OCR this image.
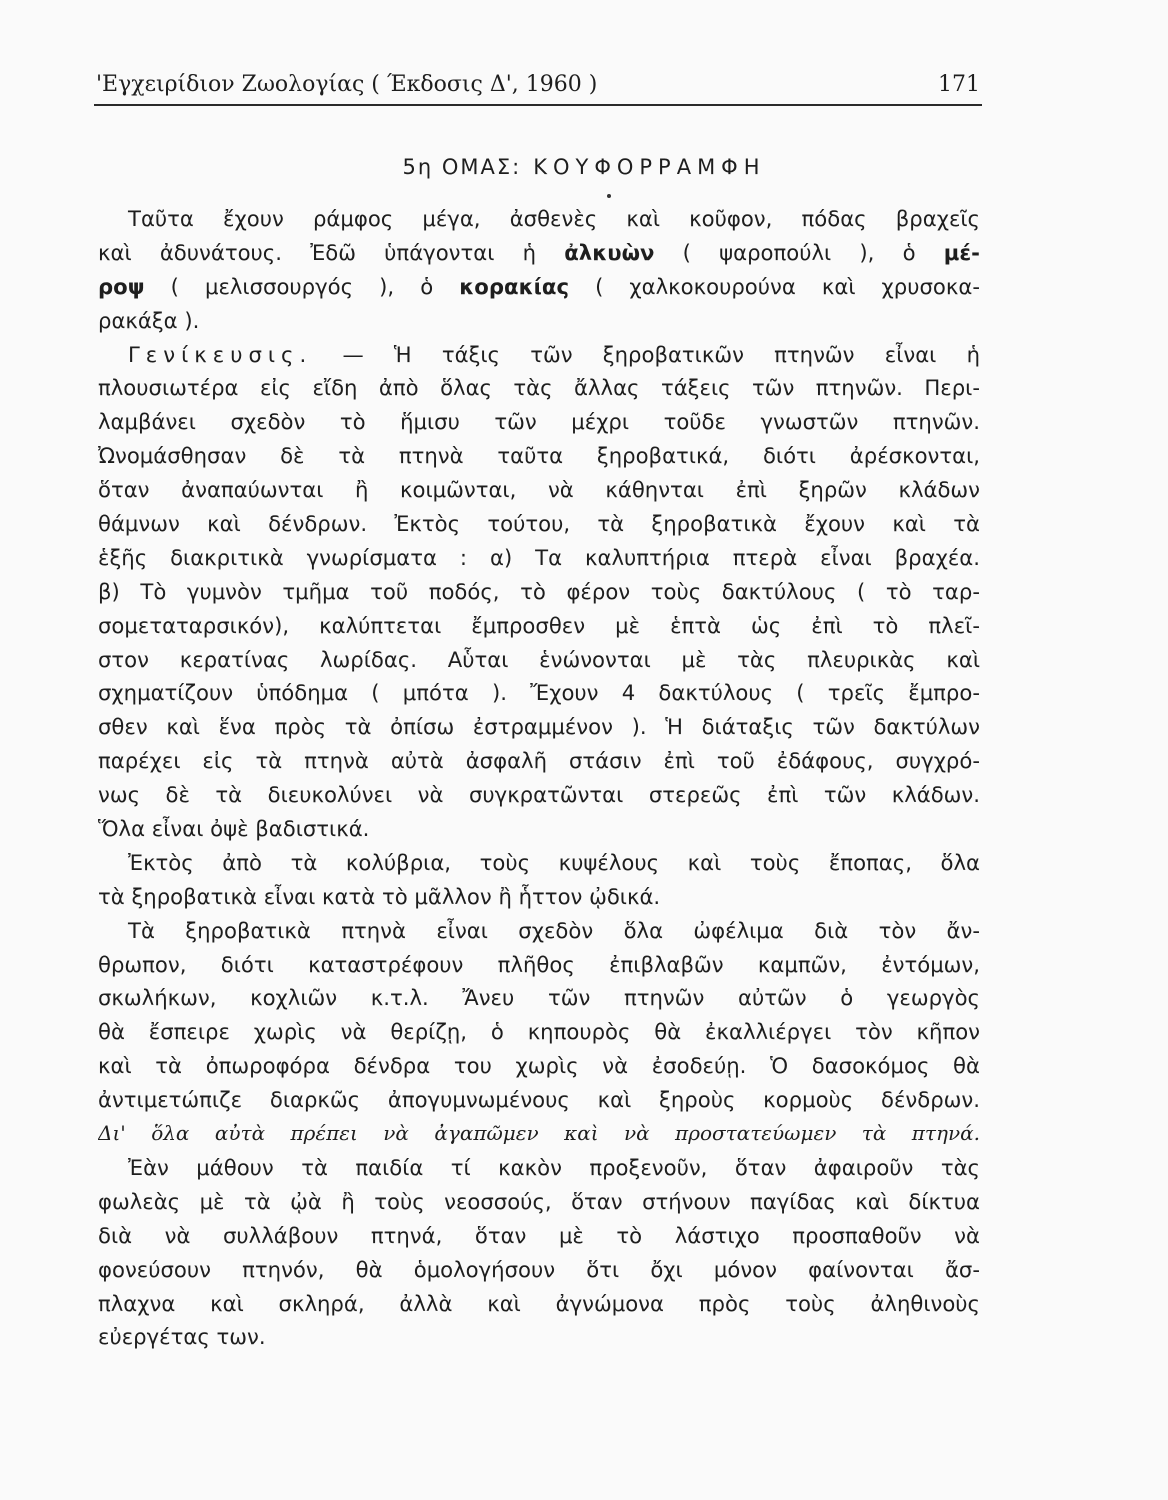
'Εγχειρίδιον Ζωολογίας ( Έκδοσις Δ', 1960 )	171
5η ΟΜΑΣ: ΚΟΥΦΟΡΡΑΜΦΗ
Ταῦτα ἔχουν ράμφος μέγα, ἀσθενὲς καὶ κοῦφον, πόδας βραχεῖς
καὶ ἀδυνάτους. Ἐδῶ ὑπάγονται ἡ ἀλκυὼν ( ψαροπούλι ), ὁ μέ-
ροψ ( μελισσουργός ), ὁ κορακίας ( χαλκοκουρούνα καὶ χρυσοκα-
ρακάξα ).
Γενίκευσις. — Ἡ τάξις τῶν ξηροβατικῶν πτηνῶν εἶναι ἡ
πλουσιωτέρα εἰς εἴδη ἀπὸ ὅλας τὰς ἄλλας τάξεις τῶν πτηνῶν. Περι-
λαμβάνει σχεδὸν τὸ ἥμισυ τῶν μέχρι τοῦδε γνωστῶν πτηνῶν.
Ὠνομάσθησαν δὲ τὰ πτηνὰ ταῦτα ξηροβατικά, διότι ἀρέσκονται,
ὅταν ἀναπαύωνται ἢ κοιμῶνται, νὰ κάθηνται ἐπὶ ξηρῶν κλάδων
θάμνων καὶ δένδρων. Ἐκτὸς τούτου, τὰ ξηροβατικὰ ἔχουν καὶ τὰ
ἑξῆς διακριτικὰ γνωρίσματα : α) Τα καλυπτήρια πτερὰ εἶναι βραχέα.
β) Τὸ γυμνὸν τμῆμα τοῦ ποδός, τὸ φέρον τοὺς δακτύλους ( τὸ ταρ-
σομεταταρσικόν), καλύπτεται ἔμπροσθεν μὲ ἑπτὰ ὡς ἐπὶ τὸ πλεῖ-
στον κερατίνας λωρίδας. Αὗται ἑνώνονται μὲ τὰς πλευρικὰς καὶ
σχηματίζουν ὑπόδημα ( μπότα ). Ἔχουν 4 δακτύλους ( τρεῖς ἔμπρο-
σθεν καὶ ἕνα πρὸς τὰ ὀπίσω ἐστραμμένον ). Ἡ διάταξις τῶν δακτύλων
παρέχει εἰς τὰ πτηνὰ αὐτὰ ἀσφαλῆ στάσιν ἐπὶ τοῦ ἐδάφους, συγχρό-
νως δὲ τὰ διευκολύνει νὰ συγκρατῶνται στερεῶς ἐπὶ τῶν κλάδων.
Ὅλα εἶναι ὀψὲ βαδιστικά.
Ἐκτὸς ἀπὸ τὰ κολύβρια, τοὺς κυψέλους καὶ τοὺς ἔποπας, ὅλα
τὰ ξηροβατικὰ εἶναι κατὰ τὸ μᾶλλον ἢ ἧττον ᾠδικά.
Τὰ ξηροβατικὰ πτηνὰ εἶναι σχεδὸν ὅλα ὠφέλιμα διὰ τὸν ἄν-
θρωπον, διότι καταστρέφουν πλῆθος ἐπιβλαβῶν καμπῶν, ἐντόμων,
σκωλήκων, κοχλιῶν κ.τ.λ. Ἄνευ τῶν πτηνῶν αὐτῶν ὁ γεωργὸς
θὰ ἔσπειρε χωρὶς νὰ θερίζῃ, ὁ κηπουρὸς θὰ ἐκαλλιέργει τὸν κῆπον
καὶ τὰ ὀπωροφόρα δένδρα του χωρὶς νὰ ἐσοδεύῃ. Ὁ δασοκόμος θὰ
ἀντιμετώπιζε διαρκῶς ἀπογυμνωμένους καὶ ξηροὺς κορμοὺς δένδρων.
Δι' ὅλα αὐτὰ πρέπει νὰ ἀγαπῶμεν καὶ νὰ προστατεύωμεν τὰ πτηνά.
Ἐὰν μάθουν τὰ παιδία τί κακὸν προξενοῦν, ὅταν ἀφαιροῦν τὰς
φωλεὰς μὲ τὰ ᾠὰ ἢ τοὺς νεοσσούς, ὅταν στήνουν παγίδας καὶ δίκτυα
διὰ νὰ συλλάβουν πτηνά, ὅταν μὲ τὸ λάστιχο προσπαθοῦν νὰ
φονεύσουν πτηνόν, θὰ ὁμολογήσουν ὅτι ὄχι μόνον φαίνονται ἄσ-
πλαχνα καὶ σκληρά, ἀλλὰ καὶ ἀγνώμονα πρὸς τοὺς ἀληθινοὺς
εὐεργέτας των.
